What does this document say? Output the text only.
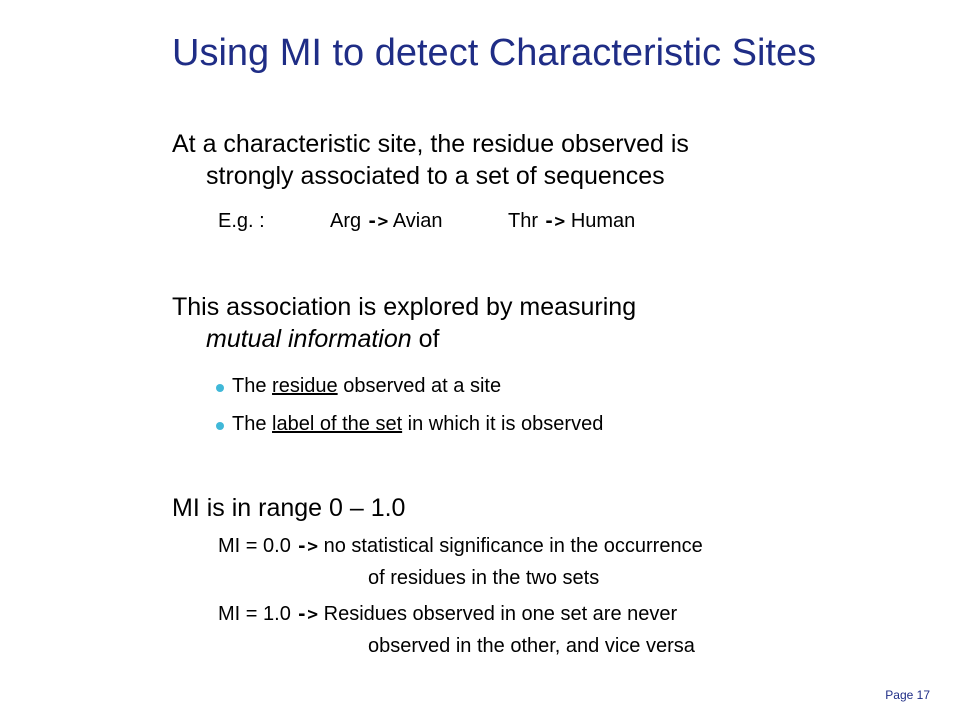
Using MI to detect Characteristic Sites
At a characteristic site, the residue observed is
strongly associated to a set of sequences
E.g. :	Arg -> Avian	Thr -> Human
This association is explored by measuring
mutual information of
The residue observed at a site
The label of the set in which it is observed
MI is in range 0 – 1.0
MI = 0.0 -> no statistical significance in the occurrence
of residues in the two sets
MI = 1.0 -> Residues observed in one set are never
observed in the other, and vice versa
Page 17
